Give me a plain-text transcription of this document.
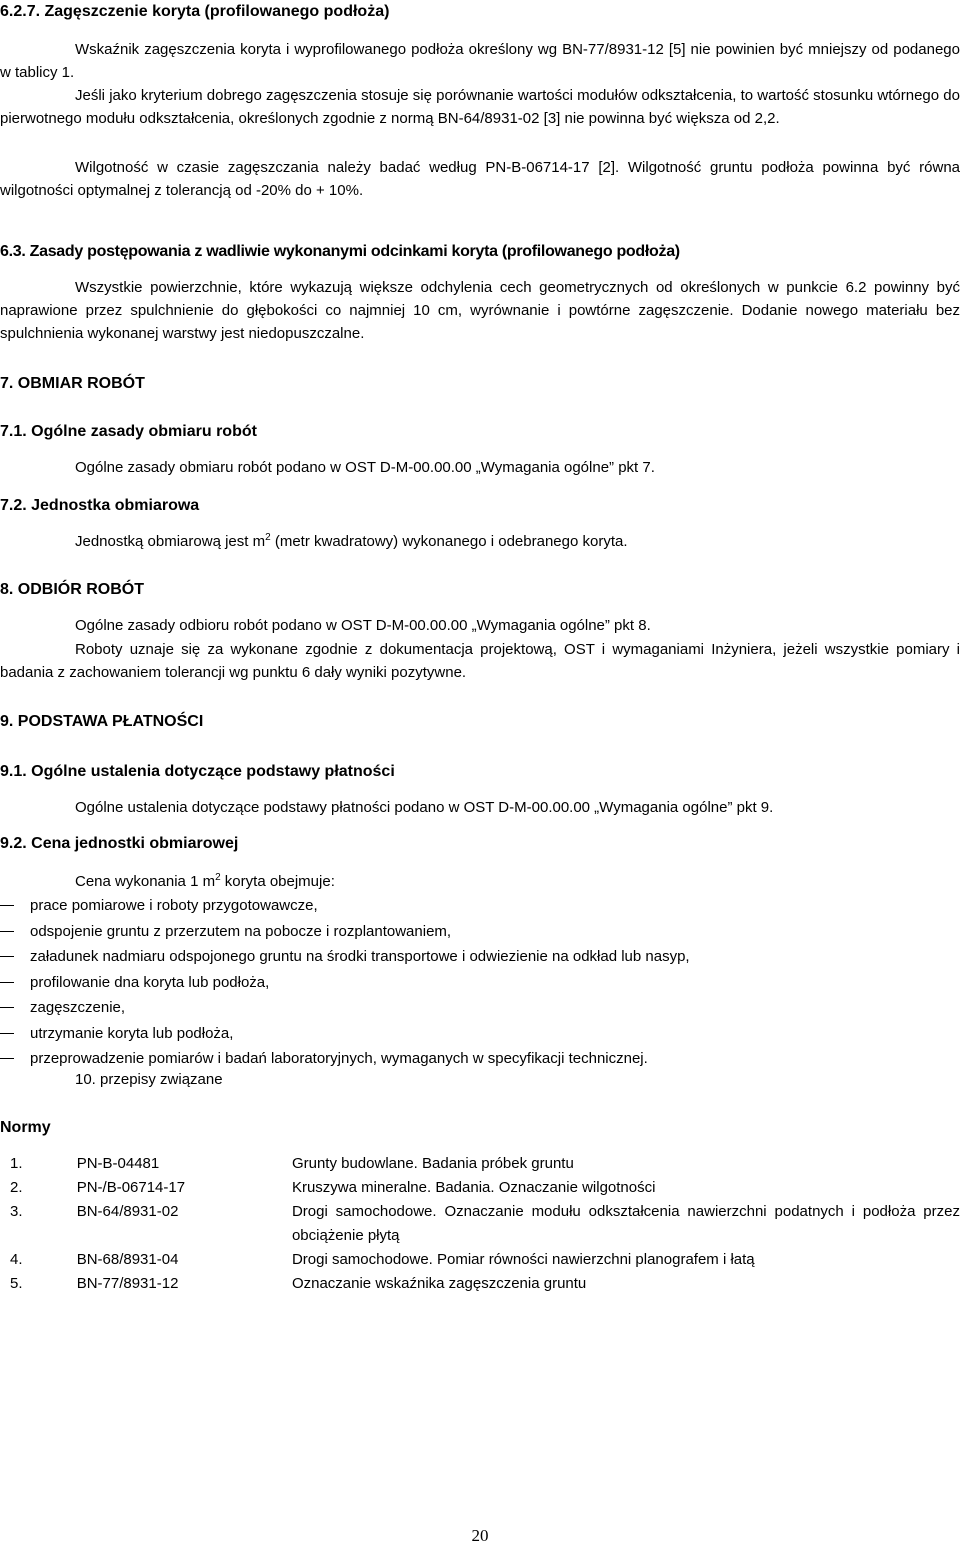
6.2.7. Zagęszczenie koryta (profilowanego podłoża)

Wskaźnik zagęszczenia koryta i wyprofilowanego podłoża określony wg BN-77/8931-12 [5] nie powinien być mniejszy od podanego w tablicy 1.

Jeśli jako kryterium dobrego zagęszczenia stosuje się porównanie wartości modułów odkształcenia, to wartość stosunku wtórnego do pierwotnego modułu odkształcenia, określonych zgodnie z normą BN-64/8931-02 [3] nie powinna być większa od 2,2.

Wilgotność w czasie zagęszczania należy badać według PN-B-06714-17 [2]. Wilgotność gruntu podłoża powinna być równa wilgotności optymalnej z tolerancją od -20% do + 10%.

6.3. Zasady postępowania z wadliwie wykonanymi odcinkami koryta (profilowanego podłoża)

Wszystkie powierzchnie, które wykazują większe odchylenia cech geometrycznych od określonych w punkcie 6.2 powinny być naprawione przez spulchnienie do głębokości co najmniej 10 cm, wyrównanie i powtórne zagęszczenie. Dodanie nowego materiału bez spulchnienia wykonanej warstwy jest niedopuszczalne.

7. OBMIAR ROBÓT
7.1. Ogólne zasady obmiaru robót

Ogólne zasady obmiaru robót podano w OST D-M-00.00.00 „Wymagania ogólne” pkt 7.

7.2. Jednostka obmiarowa

Jednostką obmiarową jest $m^2$ (metr kwadratowy) wykonanego i odebranego koryta.

8. ODBIÓR ROBÓT

Ogólne zasady odbioru robót podano w OST D-M-00.00.00 „Wymagania ogólne” pkt 8.

Roboty uznaje się za wykonane zgodnie z dokumentacja projektową, OST i wymaganiami Inżyniera, jeżeli wszystkie pomiary i badania z zachowaniem tolerancji wg punktu 6 dały wyniki pozytywne.

9. PODSTAWA PŁATNOŚCI
9.1. Ogólne ustalenia dotyczące podstawy płatności

Ogólne ustalenia dotyczące podstawy płatności podano w OST D-M-00.00.00 „Wymagania ogólne” pkt 9.

9.2. Cena jednostki obmiarowej

Cena wykonania 1 $m^2$ koryta obejmuje:

prace pomiarowe i roboty przygotowawcze,
odspojenie gruntu z przerzutem na pobocze i rozplantowaniem,
załadunek nadmiaru odspojonego gruntu na środki transportowe i odwiezienie na odkład lub nasyp,
profilowanie dna koryta lub podłoża,
zagęszczenie,
utrzymanie koryta lub podłoża,
przeprowadzenie pomiarów i badań laboratoryjnych, wymaganych w specyfikacji technicznej.
10. przepisy związane
Normy
1.	PN-B-04481	Grunty budowlane. Badania próbek gruntu
2.	PN-/B-06714-17	Kruszywa mineralne. Badania. Oznaczanie wilgotności
3.	BN-64/8931-02	Drogi samochodowe. Oznaczanie modułu odkształcenia nawierzchni podatnych i podłoża przez obciążenie płytą
4.	BN-68/8931-04	Drogi samochodowe. Pomiar równości nawierzchni planografem i łatą
5.	BN-77/8931-12	Oznaczanie wskaźnika zagęszczenia gruntu
20
